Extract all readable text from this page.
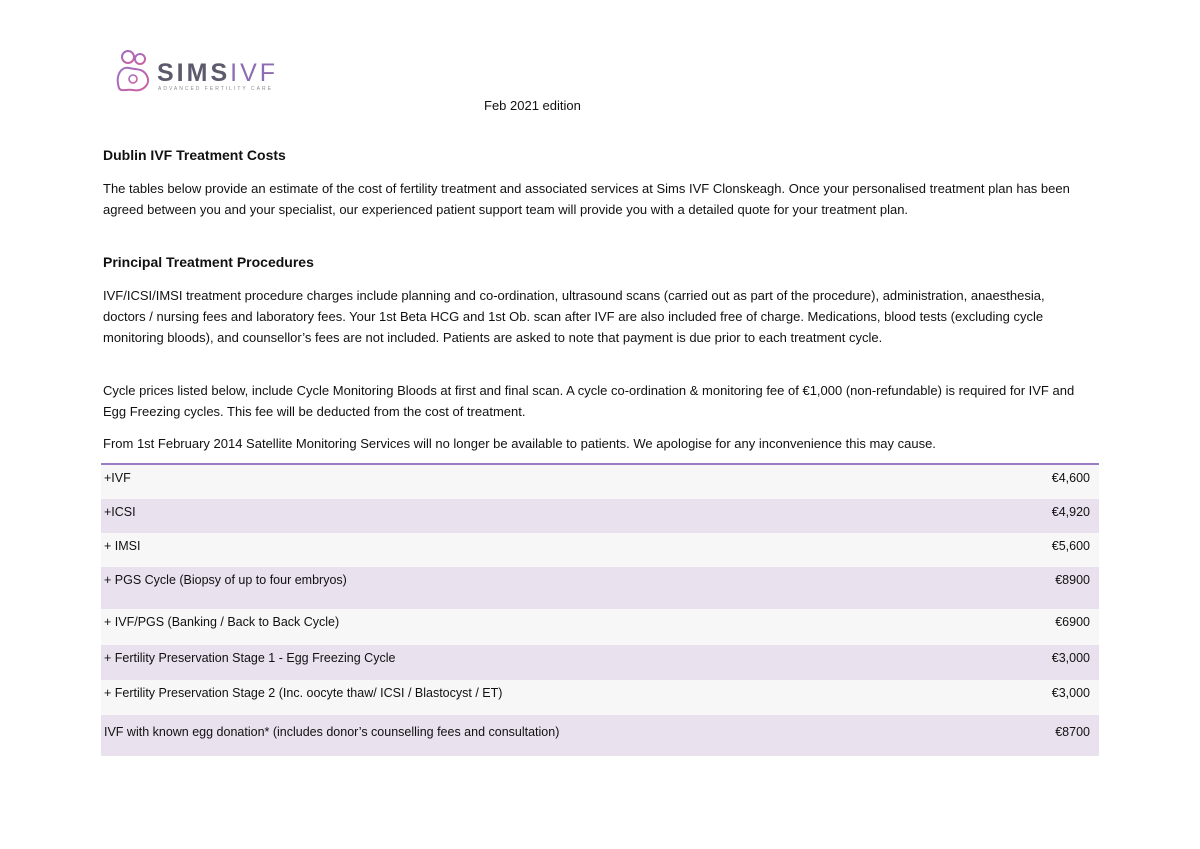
SIMSIVF
ADVANCED FERTILITY CARE
Feb 2021 edition
Dublin IVF Treatment Costs
The tables below provide an estimate of the cost of fertility treatment and associated services at Sims IVF Clonskeagh. Once your personalised treatment plan has been agreed between you and your specialist, our experienced patient support team will provide you with a detailed quote for your treatment plan.
Principal Treatment Procedures
IVF/ICSI/IMSI treatment procedure charges include planning and co-ordination, ultrasound scans (carried out as part of the procedure), administration, anaesthesia, doctors / nursing fees and laboratory fees. Your 1st Beta HCG and 1st Ob. scan after IVF are also included free of charge. Medications, blood tests (excluding cycle monitoring bloods), and counsellor’s fees are not included. Patients are asked to note that payment is due prior to each treatment cycle.
Cycle prices listed below, include Cycle Monitoring Bloods at first and final scan. A cycle co-ordination & monitoring fee of €1,000 (non-refundable) is required for IVF and Egg Freezing cycles. This fee will be deducted from the cost of treatment.
From 1st February 2014 Satellite Monitoring Services will no longer be available to patients. We apologise for any inconvenience this may cause.
+IVF	€4,600
+ICSI	€4,920
+ IMSI	€5,600
+ PGS Cycle (Biopsy of up to four embryos)	€8900
+ IVF/PGS (Banking / Back to Back Cycle)	€6900
+ Fertility Preservation Stage 1 - Egg Freezing Cycle	€3,000
+ Fertility Preservation Stage 2 (Inc. oocyte thaw/ ICSI / Blastocyst / ET)	€3,000
IVF with known egg donation* (includes donor’s counselling fees and consultation)	€8700
